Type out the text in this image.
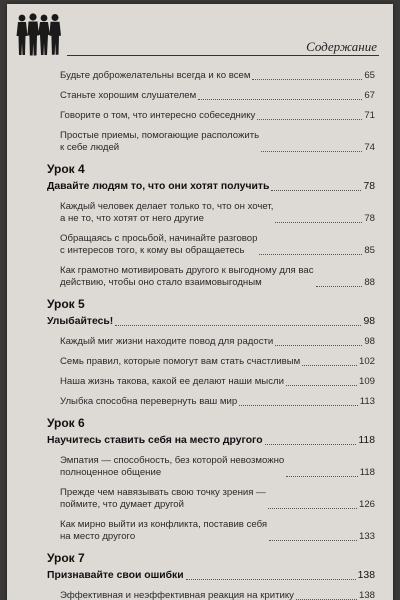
Содержание
Будьте доброжелательны всегда и ко всем	65
Станьте хорошим слушателем	67
Говорите о том, что интересно собеседнику	71
Простые приемы, помогающие расположить
к себе людей	74
Урок 4
Давайте людям то, что они хотят получить	78
Каждый человек делает только то, что он хочет,
а не то, что хотят от него другие	78
Обращаясь с просьбой, начинайте разговор
с интересов того, к кому вы обращаетесь	85
Как грамотно мотивировать другого к выгодному для вас
действию, чтобы оно стало взаимовыгодным	88
Урок 5
Улыбайтесь!	98
Каждый миг жизни находите повод для радости	98
Семь правил, которые помогут вам стать счастливым	102
Наша жизнь такова, какой ее делают наши мысли	109
Улыбка способна перевернуть ваш мир	113
Урок 6
Научитесь ставить себя на место другого	118
Эмпатия — способность, без которой невозможно
полноценное общение	118
Прежде чем навязывать свою точку зрения —
поймите, что думает другой	126
Как мирно выйти из конфликта, поставив себя
на место другого	133
Урок 7
Признавайте свои ошибки	138
Эффективная и неэффективная реакция на критику	138
